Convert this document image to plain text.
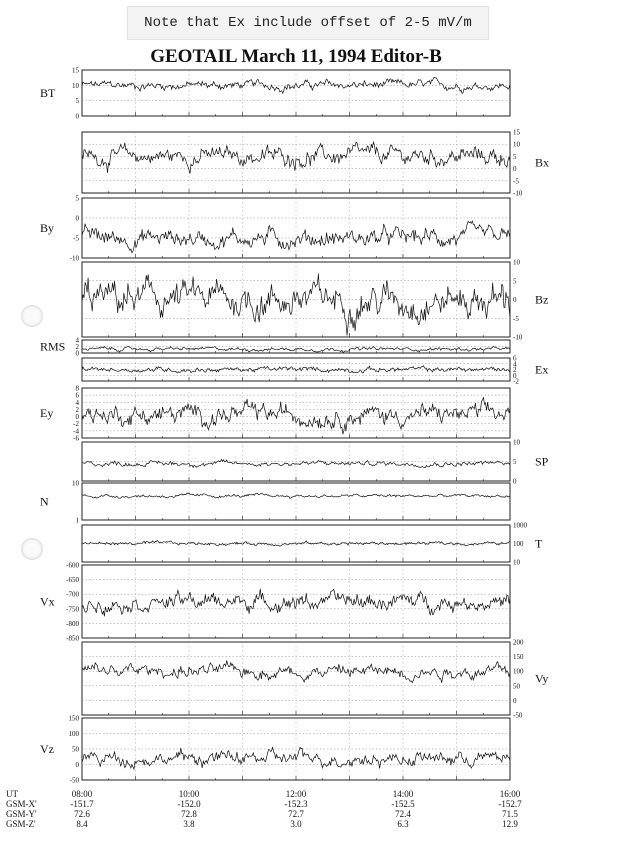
Note that Ex include offset of 2-5 mV/m
GEOTAIL March 11, 1994 Editor-B
15
10
5
0
BT
15
10
5
0
-5
-10
Bx
5
0
-5
-10
By
10
5
0
-5
-10
Bz
4
2
0
RMS
6
4
2
0
-2
Ex
8
6
4
2
0
-2
-4
-6
Ey
10
5
0
SP
10
1
N
1000
100
10
T
-600
-650
-700
-750
-800
-850
Vx
200
150
100
50
0
-50
Vy
150
100
50
0
-50
Vz
UT
GSM-X'
GSM-Y'
GSM-Z'
08:00
-151.7
72.6
8.4
10:00
-152.0
72.8
3.8
12:00
-152.3
72.7
3.0
14:00
-152.5
72.4
6.3
16:00
-152.7
71.5
12.9
